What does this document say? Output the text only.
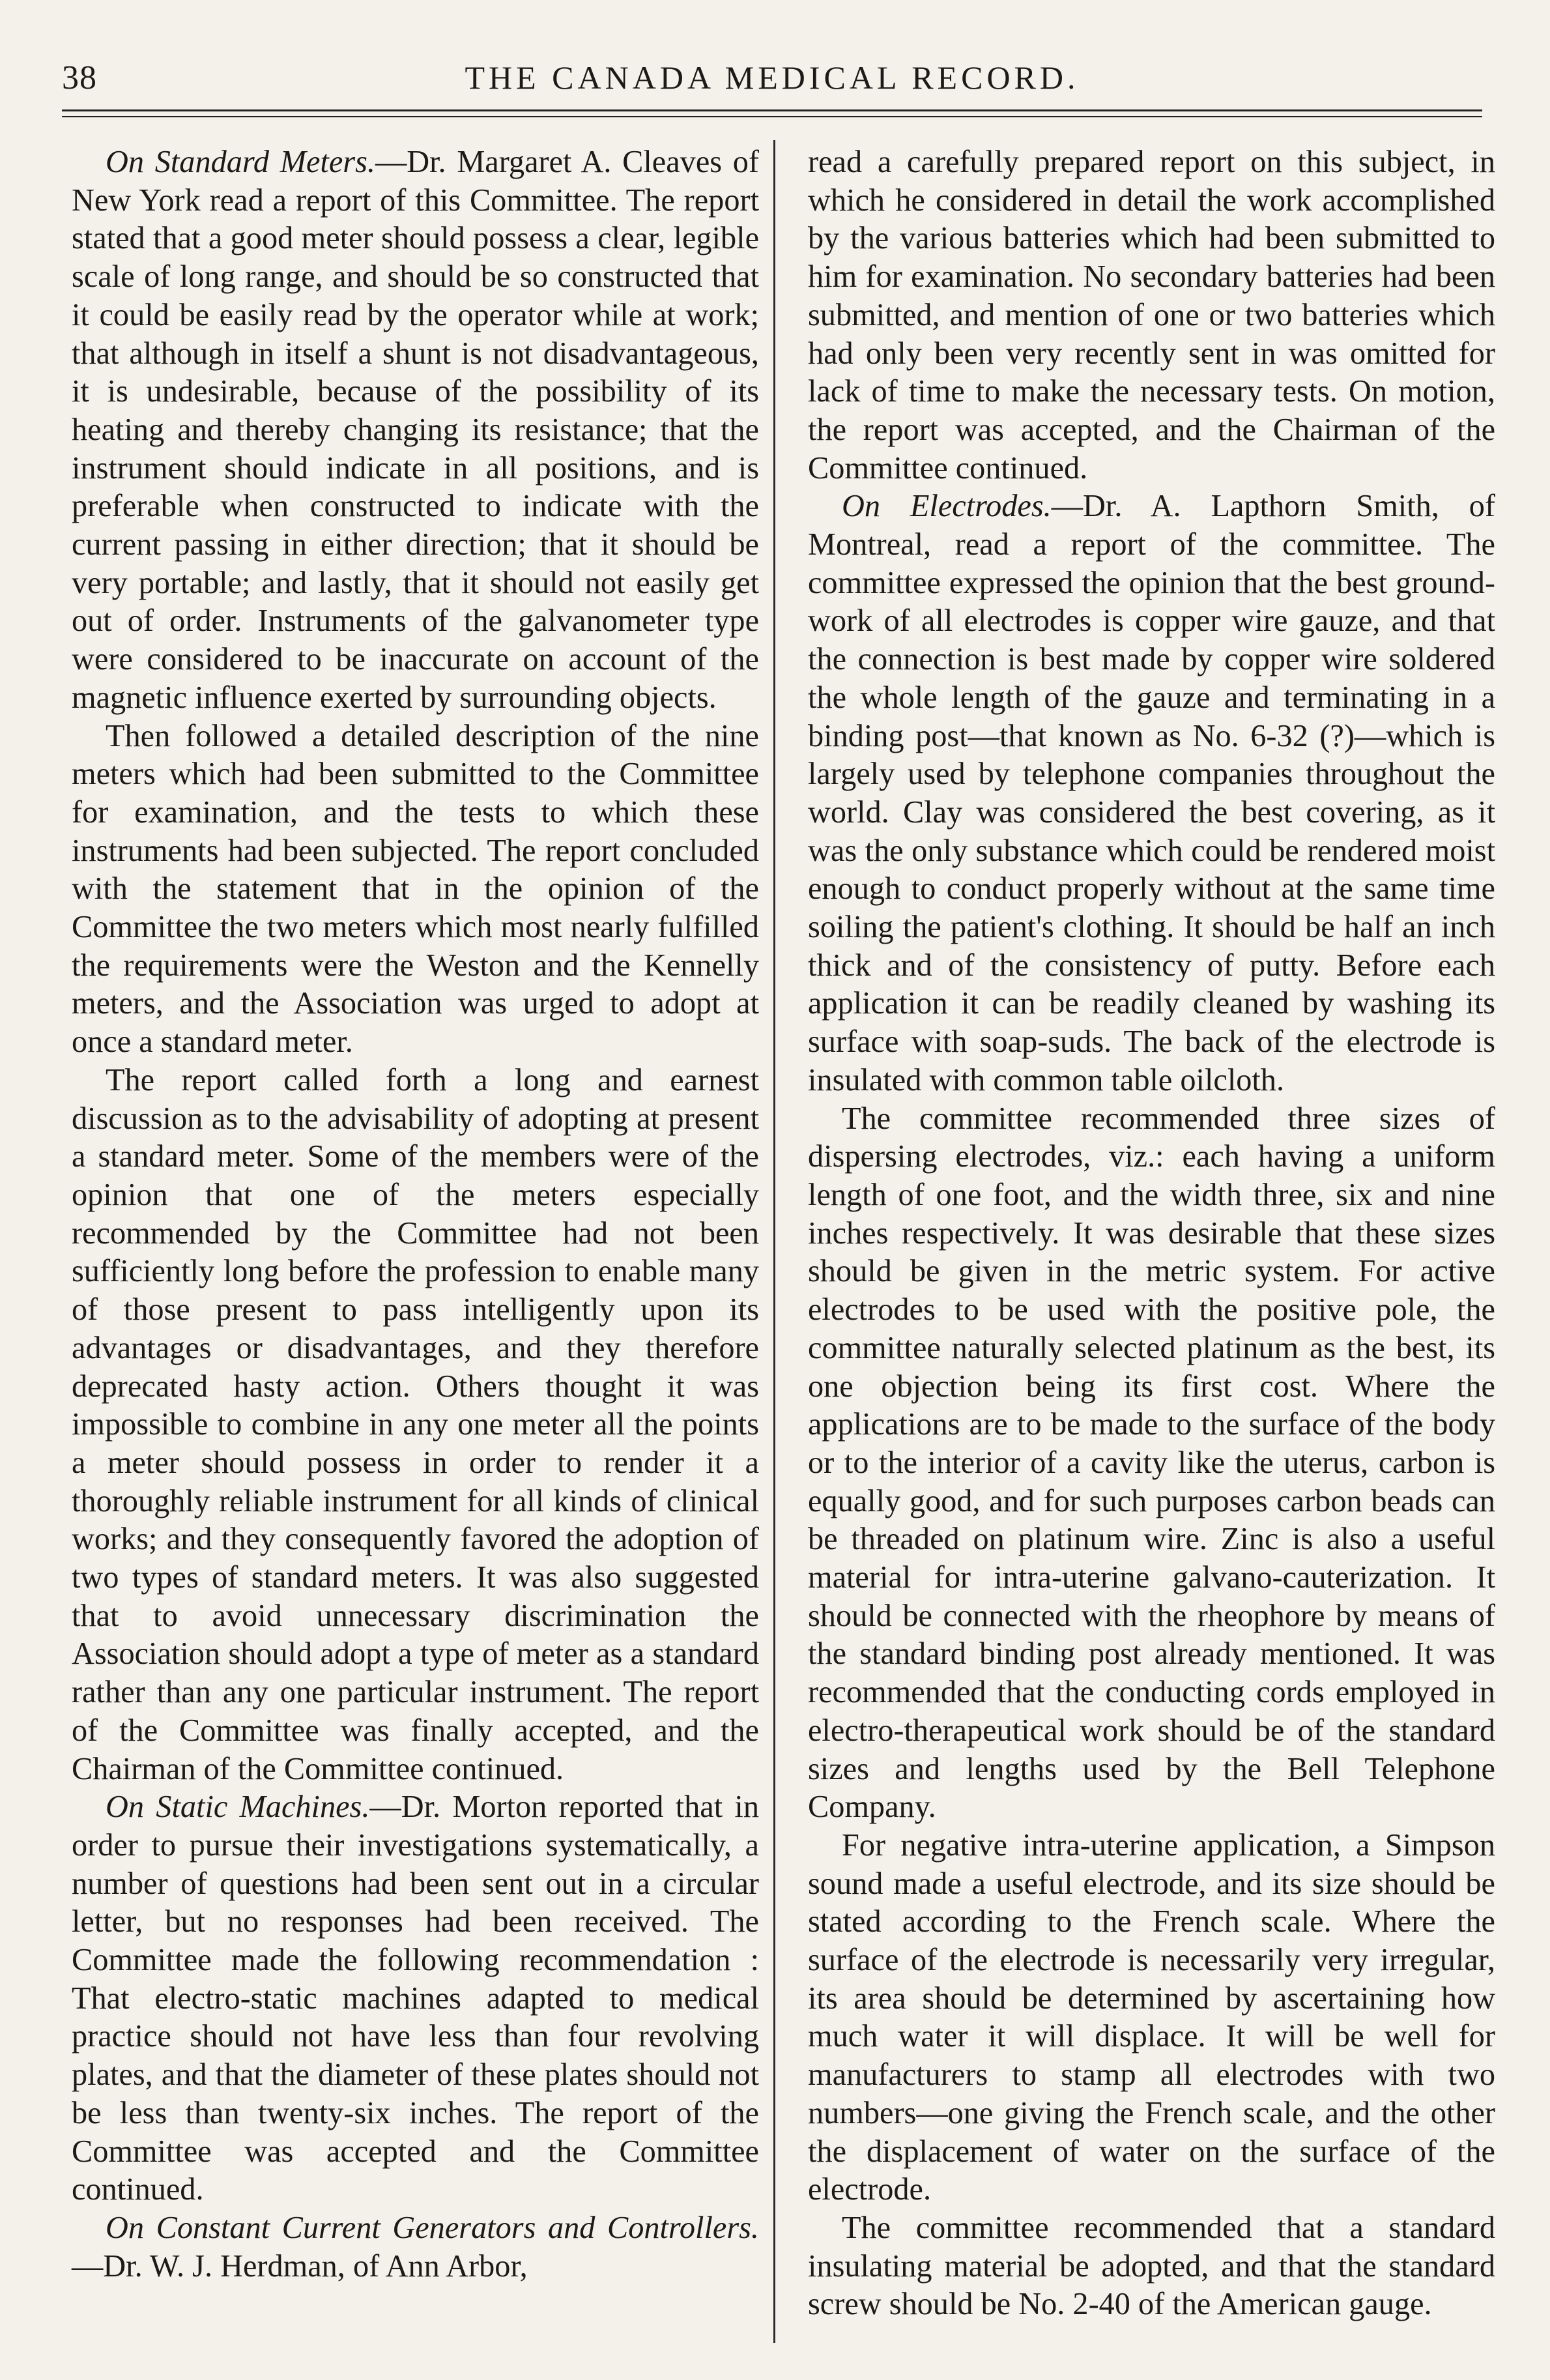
38	THE CANADA MEDICAL RECORD.

On Standard Meters.—Dr. Margaret A. Cleaves of New York read a report of this Committee. The report stated that a good meter should possess a clear, legible scale of long range, and should be so constructed that it could be easily read by the operator while at work; that although in itself a shunt is not disadvantageous, it is undesirable, because of the possibility of its heating and thereby changing its resistance; that the instrument should indicate in all positions, and is preferable when constructed to indicate with the current passing in either direction; that it should be very portable; and lastly, that it should not easily get out of order. Instruments of the galvanometer type were considered to be inaccurate on account of the magnetic influence exerted by surrounding objects.

Then followed a detailed description of the nine meters which had been submitted to the Committee for examination, and the tests to which these instruments had been subjected. The report concluded with the statement that in the opinion of the Committee the two meters which most nearly fulfilled the requirements were the Weston and the Kennelly meters, and the Association was urged to adopt at once a standard meter.

The report called forth a long and earnest discussion as to the advisability of adopting at present a standard meter. Some of the members were of the opinion that one of the meters especially recommended by the Committee had not been sufficiently long before the profession to enable many of those present to pass intelligently upon its advantages or disadvantages, and they therefore deprecated hasty action. Others thought it was impossible to combine in any one meter all the points a meter should possess in order to render it a thoroughly reliable instrument for all kinds of clinical works; and they consequently favored the adoption of two types of standard meters. It was also suggested that to avoid unnecessary discrimination the Association should adopt a type of meter as a standard rather than any one particular instrument. The report of the Committee was finally accepted, and the Chairman of the Committee continued.

On Static Machines.—Dr. Morton reported that in order to pursue their investigations systematically, a number of questions had been sent out in a circular letter, but no responses had been received. The Committee made the following recommendation : That electro-static machines adapted to medical practice should not have less than four revolving plates, and that the diameter of these plates should not be less than twenty-six inches. The report of the Committee was accepted and the Committee continued.

On Constant Current Generators and Controllers.—Dr. W. J. Herdman, of Ann Arbor,

read a carefully prepared report on this subject, in which he considered in detail the work accomplished by the various batteries which had been submitted to him for examination. No secondary batteries had been submitted, and mention of one or two batteries which had only been very recently sent in was omitted for lack of time to make the necessary tests. On motion, the report was accepted, and the Chairman of the Committee continued.

On Electrodes.—Dr. A. Lapthorn Smith, of Montreal, read a report of the committee. The committee expressed the opinion that the best ground-work of all electrodes is copper wire gauze, and that the connection is best made by copper wire soldered the whole length of the gauze and terminating in a binding post—that known as No. 6-32 (?)—which is largely used by telephone companies throughout the world. Clay was considered the best covering, as it was the only substance which could be rendered moist enough to conduct properly without at the same time soiling the patient's clothing. It should be half an inch thick and of the consistency of putty. Before each application it can be readily cleaned by washing its surface with soap-suds. The back of the electrode is insulated with common table oilcloth.

The committee recommended three sizes of dispersing electrodes, viz.: each having a uniform length of one foot, and the width three, six and nine inches respectively. It was desirable that these sizes should be given in the metric system. For active electrodes to be used with the positive pole, the committee naturally selected platinum as the best, its one objection being its first cost. Where the applications are to be made to the surface of the body or to the interior of a cavity like the uterus, carbon is equally good, and for such purposes carbon beads can be threaded on platinum wire. Zinc is also a useful material for intra-uterine galvano-cauterization. It should be connected with the rheophore by means of the standard binding post already mentioned. It was recommended that the conducting cords employed in electro-therapeutical work should be of the standard sizes and lengths used by the Bell Telephone Company.

For negative intra-uterine application, a Simpson sound made a useful electrode, and its size should be stated according to the French scale. Where the surface of the electrode is necessarily very irregular, its area should be determined by ascertaining how much water it will displace. It will be well for manufacturers to stamp all electrodes with two numbers—one giving the French scale, and the other the displacement of water on the surface of the electrode.

The committee recommended that a standard insulating material be adopted, and that the standard screw should be No. 2-40 of the American gauge.
